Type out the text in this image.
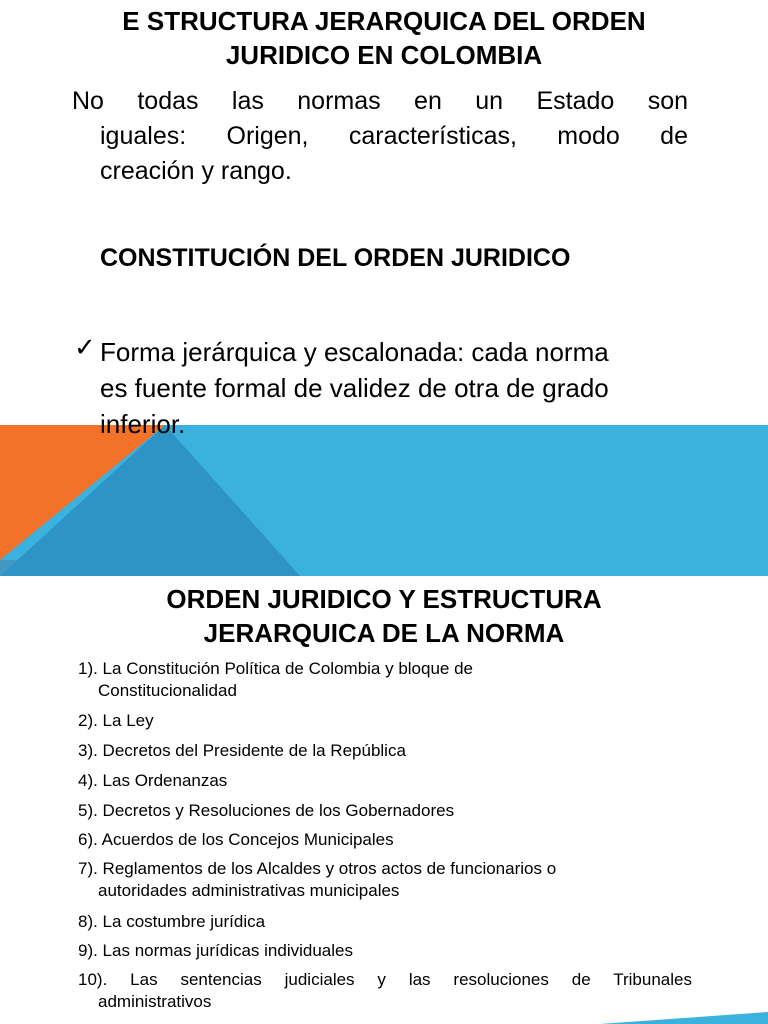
E STRUCTURA JERARQUICA DEL ORDEN
JURIDICO EN COLOMBIA
No todas las normas en un Estado son
iguales: Origen, características, modo de
creación y rango.
CONSTITUCIÓN DEL ORDEN JURIDICO
✓ Forma jerárquica y escalonada: cada norma
es fuente formal de validez de otra de grado
inferior.
ORDEN JURIDICO Y ESTRUCTURA
JERARQUICA DE LA NORMA
1). La Constitución Política de Colombia y bloque de
Constitucionalidad
2). La Ley
3). Decretos del Presidente de la República
4). Las Ordenanzas
5). Decretos y Resoluciones de los Gobernadores
6). Acuerdos de los Concejos Municipales
7). Reglamentos de los Alcaldes y otros actos de funcionarios o
autoridades administrativas municipales
8). La costumbre jurídica
9). Las normas jurídicas individuales
10). Las sentencias judiciales y las resoluciones de Tribunales
administrativos
